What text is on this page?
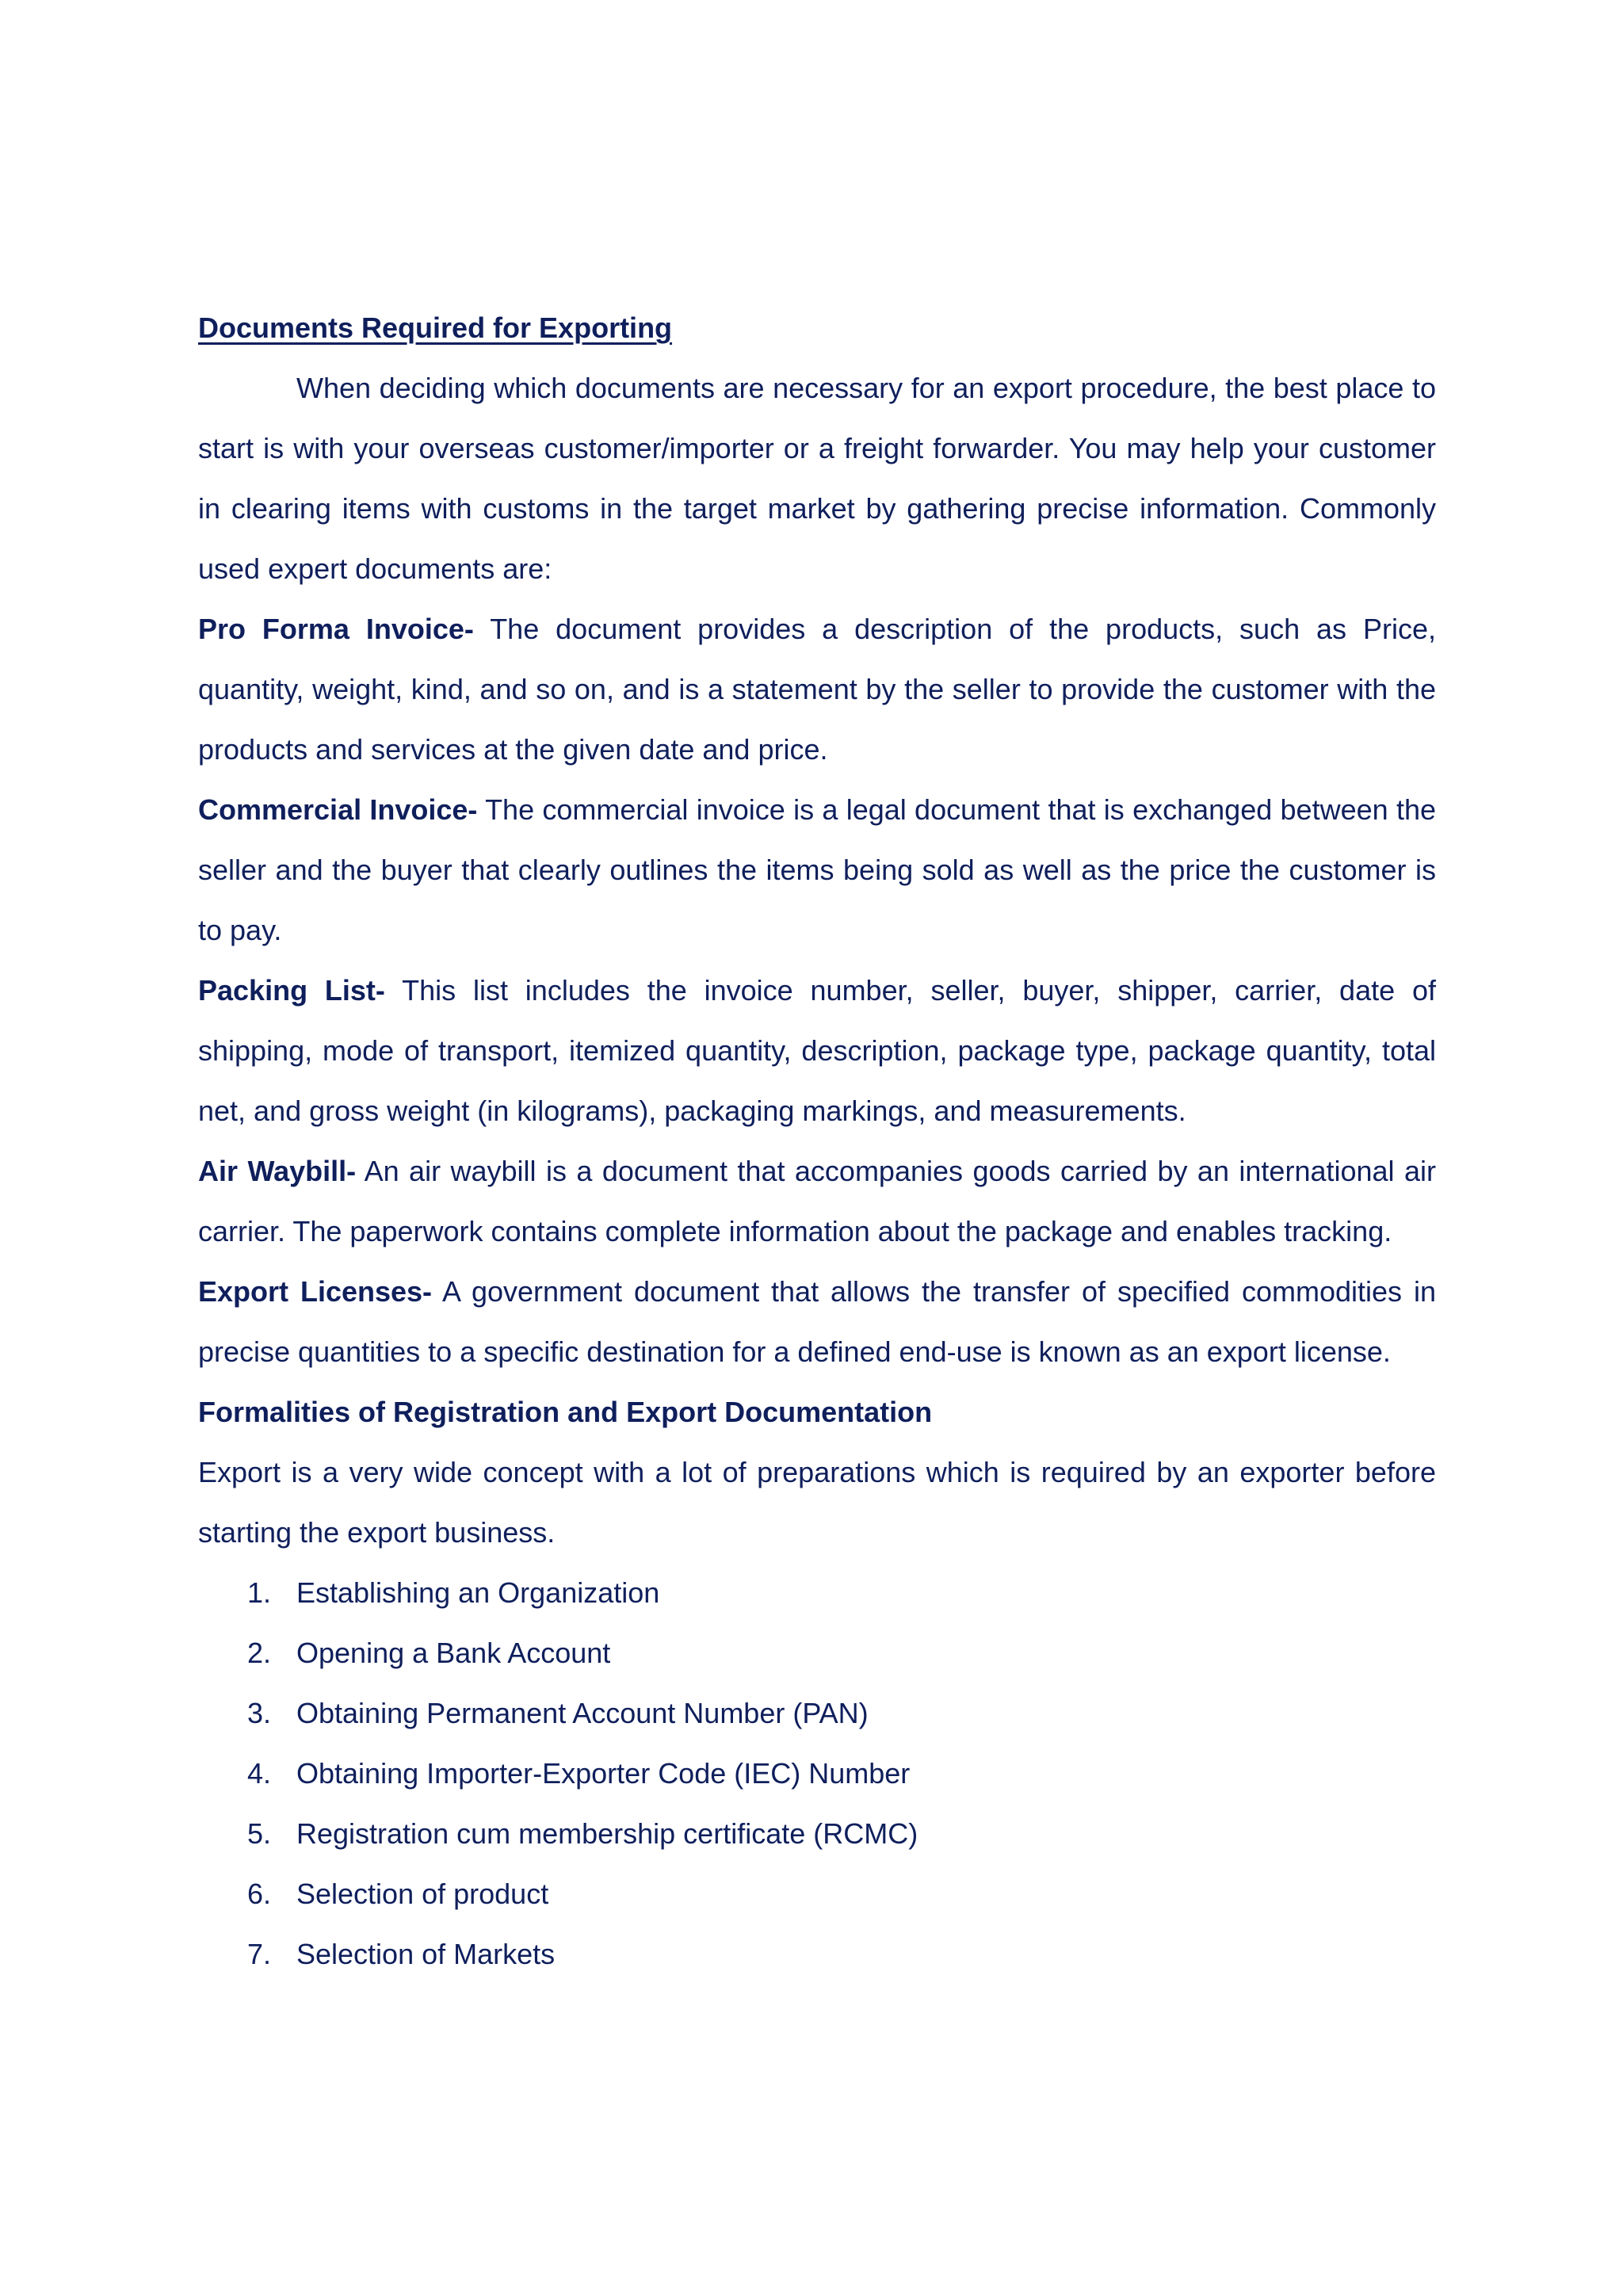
Documents Required for Exporting

When deciding which documents are necessary for an export procedure, the best place to start is with your overseas customer/importer or a freight forwarder. You may help your customer in clearing items with customs in the target market by gathering precise information. Commonly used expert documents are:

Pro Forma Invoice- The document provides a description of the products, such as Price, quantity, weight, kind, and so on, and is a statement by the seller to provide the customer with the products and services at the given date and price.

Commercial Invoice- The commercial invoice is a legal document that is exchanged between the seller and the buyer that clearly outlines the items being sold as well as the price the customer is to pay.

Packing List- This list includes the invoice number, seller, buyer, shipper, carrier, date of shipping, mode of transport, itemized quantity, description, package type, package quantity, total net, and gross weight (in kilograms), packaging markings, and measurements.

Air Waybill- An air waybill is a document that accompanies goods carried by an international air carrier. The paperwork contains complete information about the package and enables tracking.

Export Licenses- A government document that allows the transfer of specified commodities in precise quantities to a specific destination for a defined end-use is known as an export license.

Formalities of Registration and Export Documentation

Export is a very wide concept with a lot of preparations which is required by an exporter before starting the export business.

1. Establishing an Organization
2. Opening a Bank Account
3. Obtaining Permanent Account Number (PAN)
4. Obtaining Importer-Exporter Code (IEC) Number
5. Registration cum membership certificate (RCMC)
6. Selection of product
7. Selection of Markets
